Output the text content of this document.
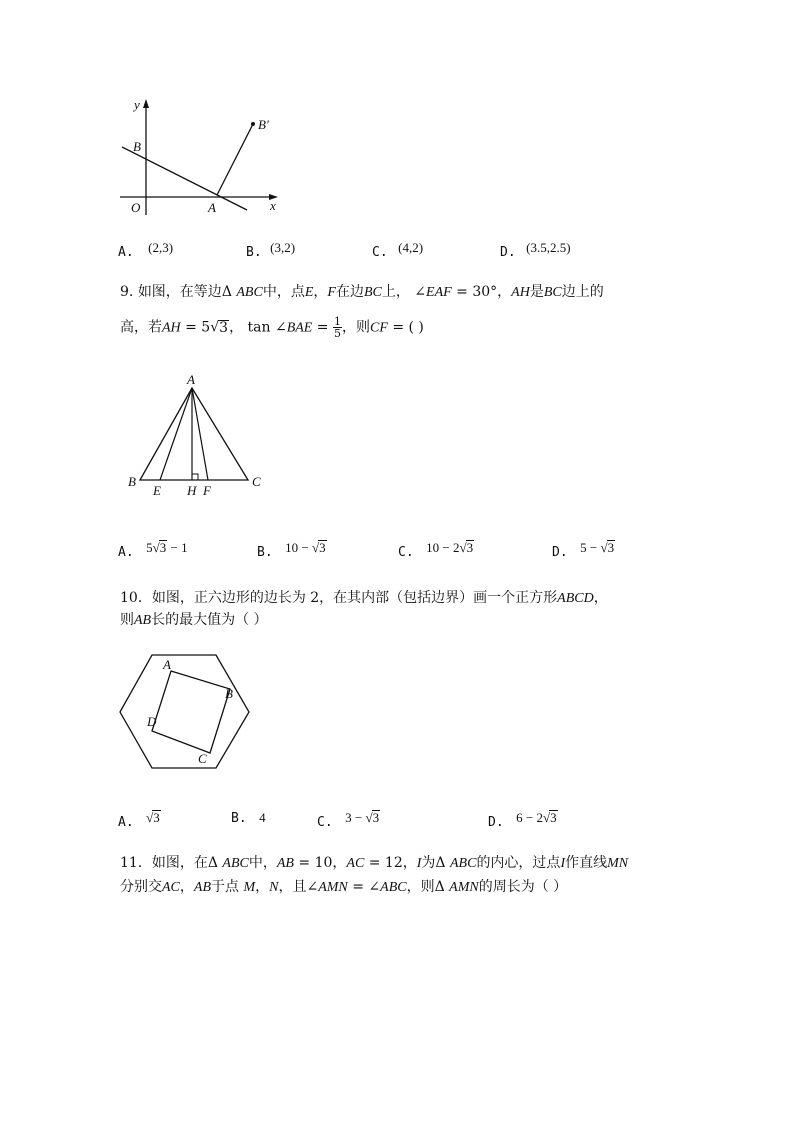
y
x
O	A
B
B′
A. (2,3)	B. (3,2)	C. (4,2)	D. (3.5,2.5)
9. 如图，在等边Δ ABC中，点E，F在边BC上， ∠EAF = 30°，AH是BC边上的
高，若AH = 5√3， tan ∠BAE = $\frac{1}{5}$ ，则CF = ( )
A
B	C
E H F
A. 5√3 − 1	B. 10 − √3	C. 10 − 2√3	D. 5 − √3
10．如图，正六边形的边长为 2，在其内部（包括边界）画一个正方形ABCD，
则AB长的最大值为（ ）
A
B
C
D
A. √3	B. 4	C. 3 − √3	D. 6 − 2√3
11．如图，在Δ ABC中，AB = 10，AC = 12，I为Δ ABC的内心，过点I作直线MN
分别交AC，AB于点 M，N，且∠AMN = ∠ABC，则Δ AMN的周长为（ ）
